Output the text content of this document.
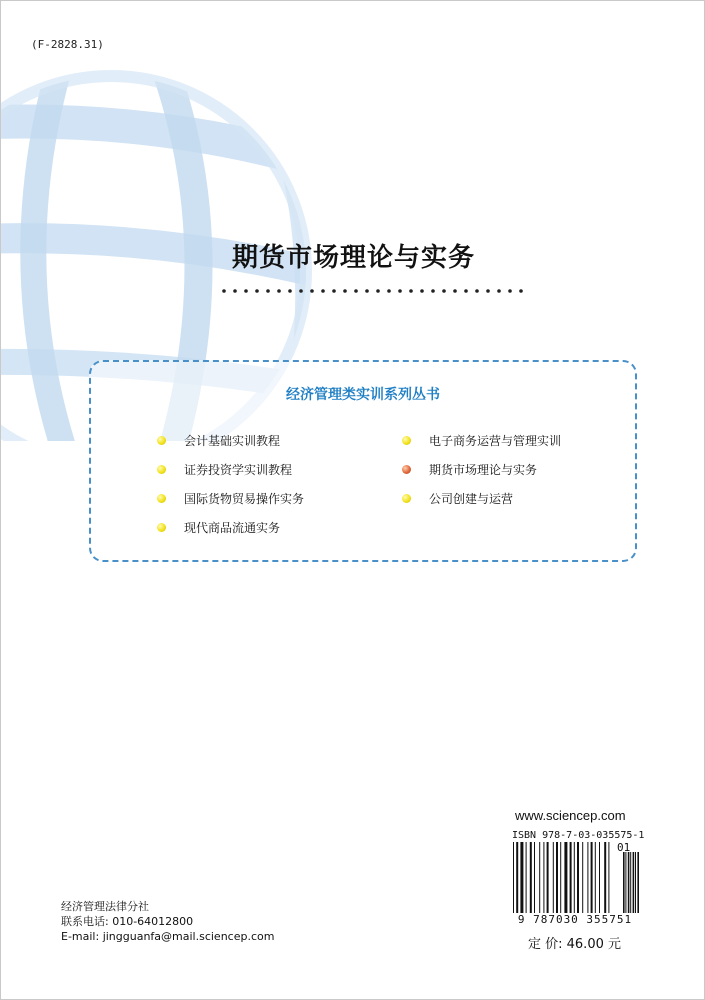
(F-2828.31)
期货市场理论与实务
经济管理类实训系列丛书
会计基础实训教程
证券投资学实训教程
国际货物贸易操作实务
现代商品流通实务
电子商务运营与管理实训
期货市场理论与实务
公司创建与运营
www.sciencep.com
ISBN 978-7-03-035575-1
01
9 787030 355751
定 价: 46.00 元
经济管理法律分社
联系电话: 010-64012800
E-mail: jingguanfa@mail.sciencep.com
